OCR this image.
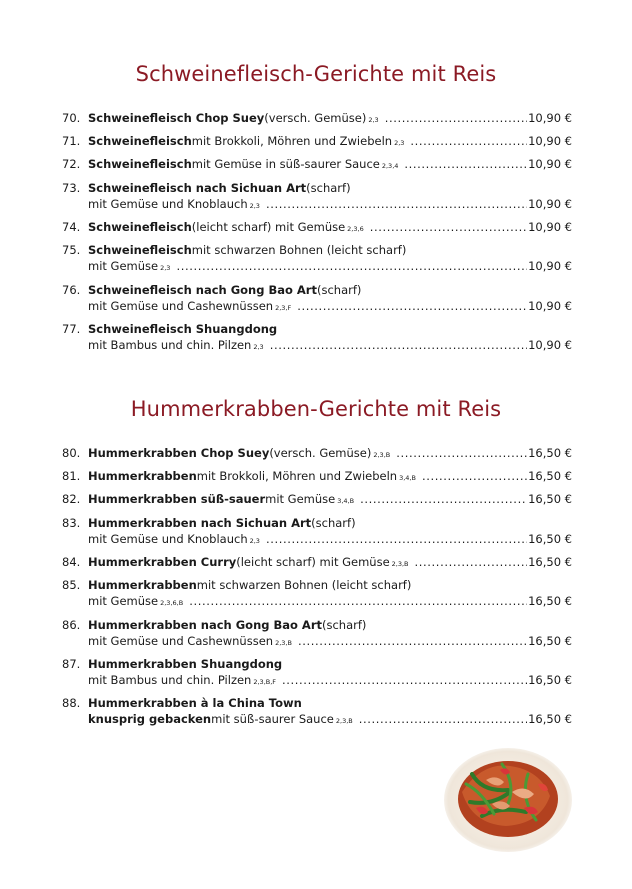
Schweinefleisch-Gerichte mit Reis
70. Schweinefleisch Chop Suey (versch. Gemüse) 2,3 .....	10,90 €
71. Schweinefleisch mit Brokkoli, Möhren und Zwiebeln 2,3 .....	10,90 €
72. Schweinefleisch mit Gemüse in süß-saurer Sauce 2,3,4 .....	10,90 €
73. Schweinefleisch nach Sichuan Art (scharf)
mit Gemüse und Knoblauch 2,3 .....	10,90 €
74. Schweinefleisch (leicht scharf) mit Gemüse 2,3,6 .....	10,90 €
75. Schweinefleisch mit schwarzen Bohnen (leicht scharf)
mit Gemüse 2,3 .....	10,90 €
76. Schweinefleisch nach Gong Bao Art (scharf)
mit Gemüse und Cashewnüssen 2,3,F .....	10,90 €
77. Schweinefleisch Shuangdong
mit Bambus und chin. Pilzen 2,3 .....	10,90 €
Hummerkrabben-Gerichte mit Reis
80. Hummerkrabben Chop Suey (versch. Gemüse) 2,3,B .....	16,50 €
81. Hummerkrabben mit Brokkoli, Möhren und Zwiebeln 3,4,B .....	16,50 €
82. Hummerkrabben süß-sauer mit Gemüse 3,4,B .....	16,50 €
83. Hummerkrabben nach Sichuan Art (scharf)
mit Gemüse und Knoblauch 2,3 .....	16,50 €
84. Hummerkrabben Curry (leicht scharf) mit Gemüse 2,3,B .....	16,50 €
85. Hummerkrabben mit schwarzen Bohnen (leicht scharf)
mit Gemüse 2,3,6,B .....	16,50 €
86. Hummerkrabben nach Gong Bao Art (scharf)
mit Gemüse und Cashewnüssen 2,3,B .....	16,50 €
87. Hummerkrabben Shuangdong
mit Bambus und chin. Pilzen 2,3,B,F .....	16,50 €
88. Hummerkrabben à la China Town
knusprig gebacken mit süß-saurer Sauce 2,3,B .....	16,50 €
